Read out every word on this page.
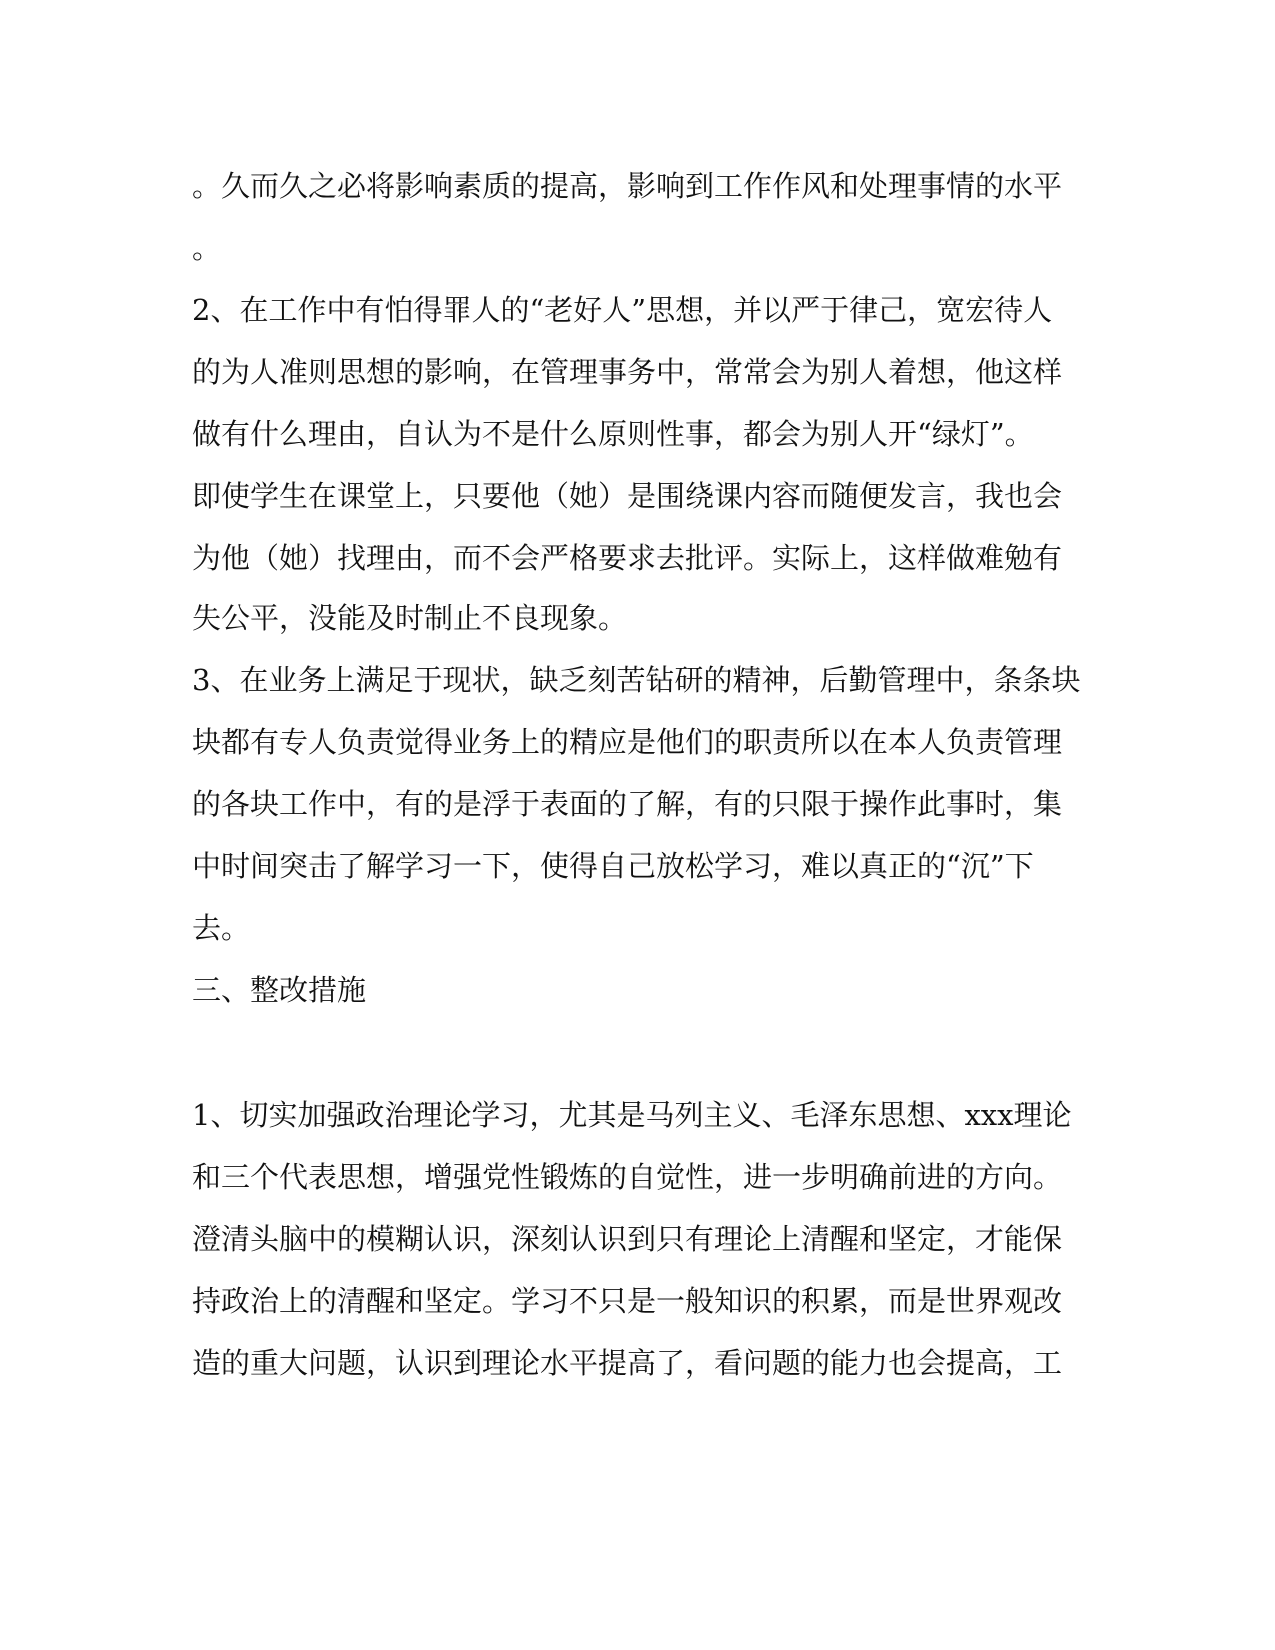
。久而久之必将影响素质的提高，影响到工作作风和处理事情的水平
。
2、在工作中有怕得罪人的“老好人”思想，并以严于律己，宽宏待人
的为人准则思想的影响，在管理事务中，常常会为别人着想，他这样
做有什么理由，自认为不是什么原则性事，都会为别人开“绿灯”。
即使学生在课堂上，只要他（她）是围绕课内容而随便发言，我也会
为他（她）找理由，而不会严格要求去批评。实际上，这样做难勉有
失公平，没能及时制止不良现象。
3、在业务上满足于现状，缺乏刻苦钻研的精神，后勤管理中，条条块
块都有专人负责觉得业务上的精应是他们的职责所以在本人负责管理
的各块工作中，有的是浮于表面的了解，有的只限于操作此事时，集
中时间突击了解学习一下，使得自己放松学习，难以真正的“沉”下
去。
三、整改措施
1、切实加强政治理论学习，尤其是马列主义、毛泽东思想、xxx理论
和三个代表思想，增强党性锻炼的自觉性，进一步明确前进的方向。
澄清头脑中的模糊认识，深刻认识到只有理论上清醒和坚定，才能保
持政治上的清醒和坚定。学习不只是一般知识的积累，而是世界观改
造的重大问题，认识到理论水平提高了，看问题的能力也会提高，工
